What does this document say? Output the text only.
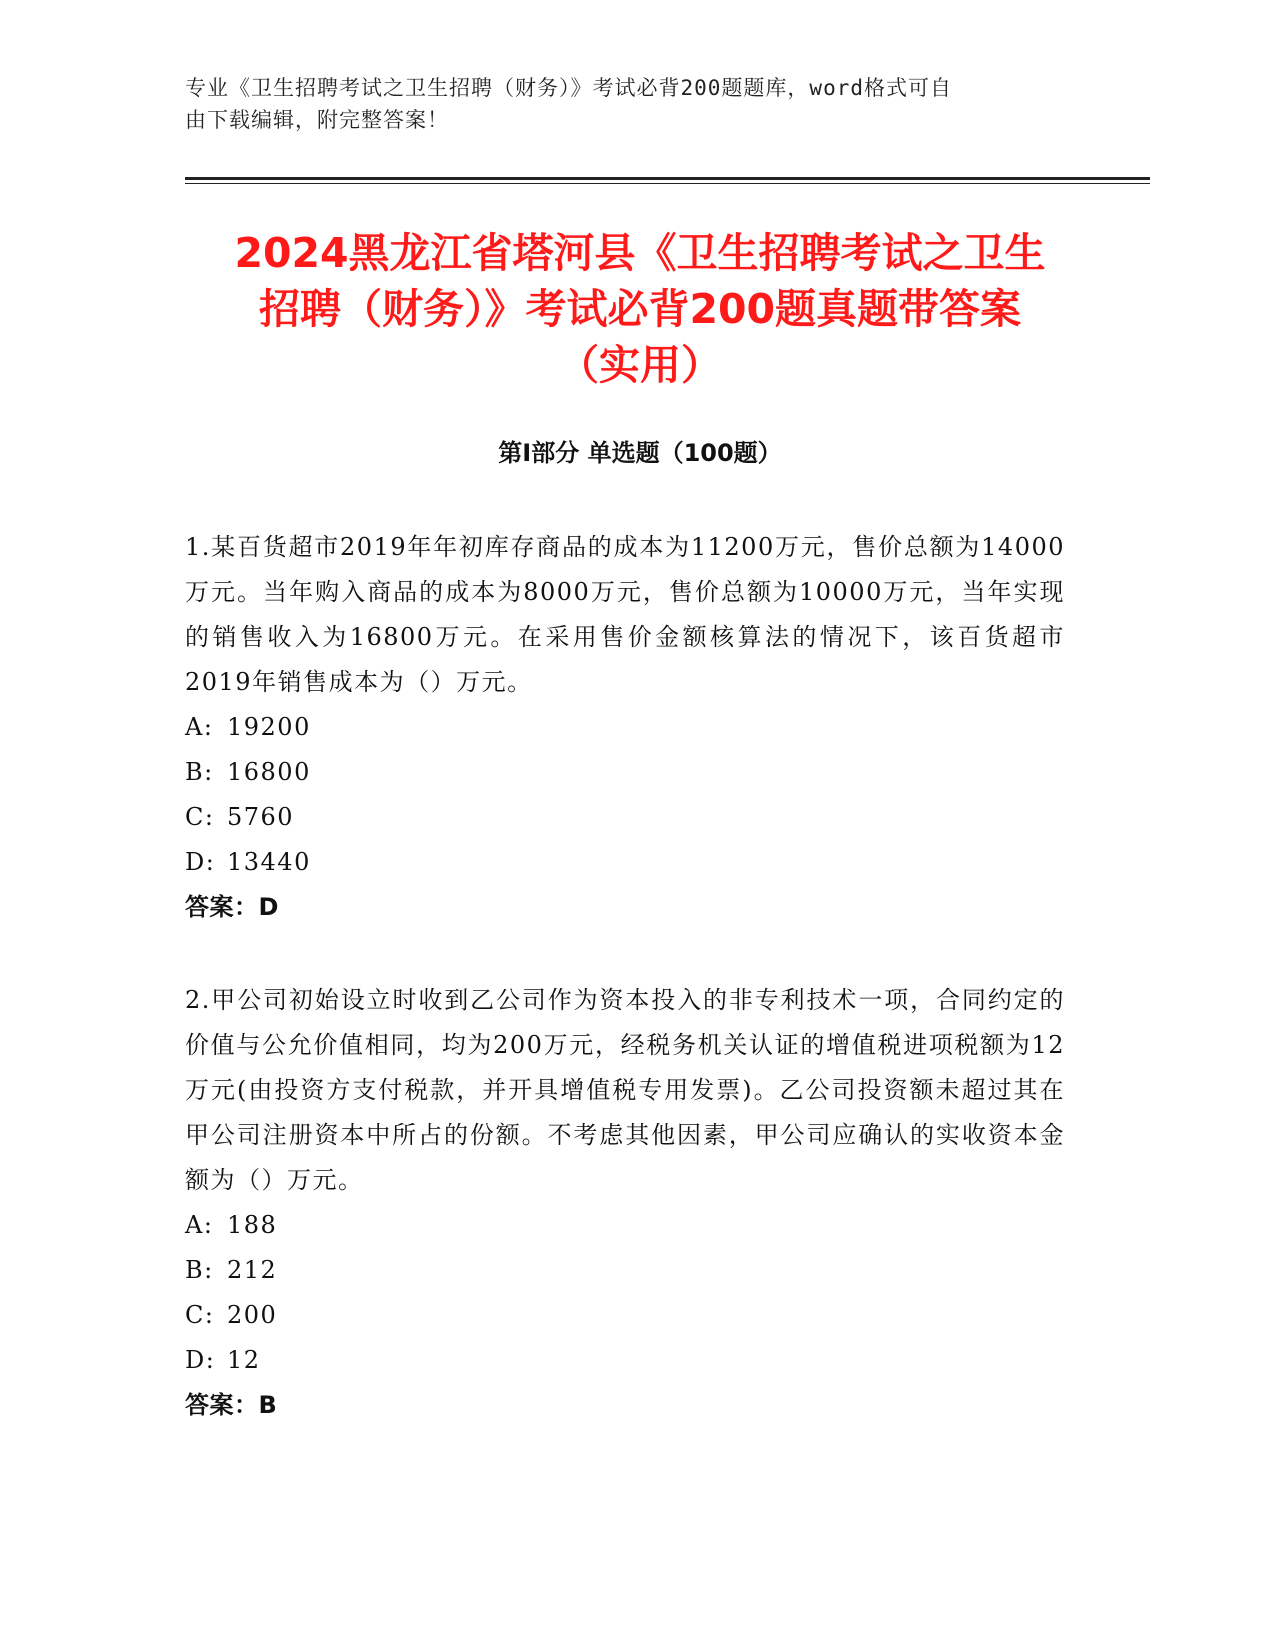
专业《卫生招聘考试之卫生招聘（财务）》考试必背200题题库，word格式可自
由下载编辑，附完整答案！
2024黑龙江省塔河县《卫生招聘考试之卫生
招聘（财务）》考试必背200题真题带答案
（实用）
第Ⅰ部分 单选题（100题）

1.某百货超市2019年年初库存商品的成本为11200万元，售价总额为14000万元。当年购入商品的成本为8000万元，售价总额为10000万元，当年实现的销售收入为16800万元。在采用售价金额核算法的情况下，该百货超市2019年销售成本为（）万元。

A: 19200

B: 16800

C: 5760

D: 13440

答案：D

2.甲公司初始设立时收到乙公司作为资本投入的非专利技术一项，合同约定的价值与公允价值相同，均为200万元，经税务机关认证的增值税进项税额为12万元(由投资方支付税款，并开具增值税专用发票)。乙公司投资额未超过其在甲公司注册资本中所占的份额。不考虑其他因素，甲公司应确认的实收资本金额为（）万元。

A: 188

B: 212

C: 200

D: 12

答案：B
